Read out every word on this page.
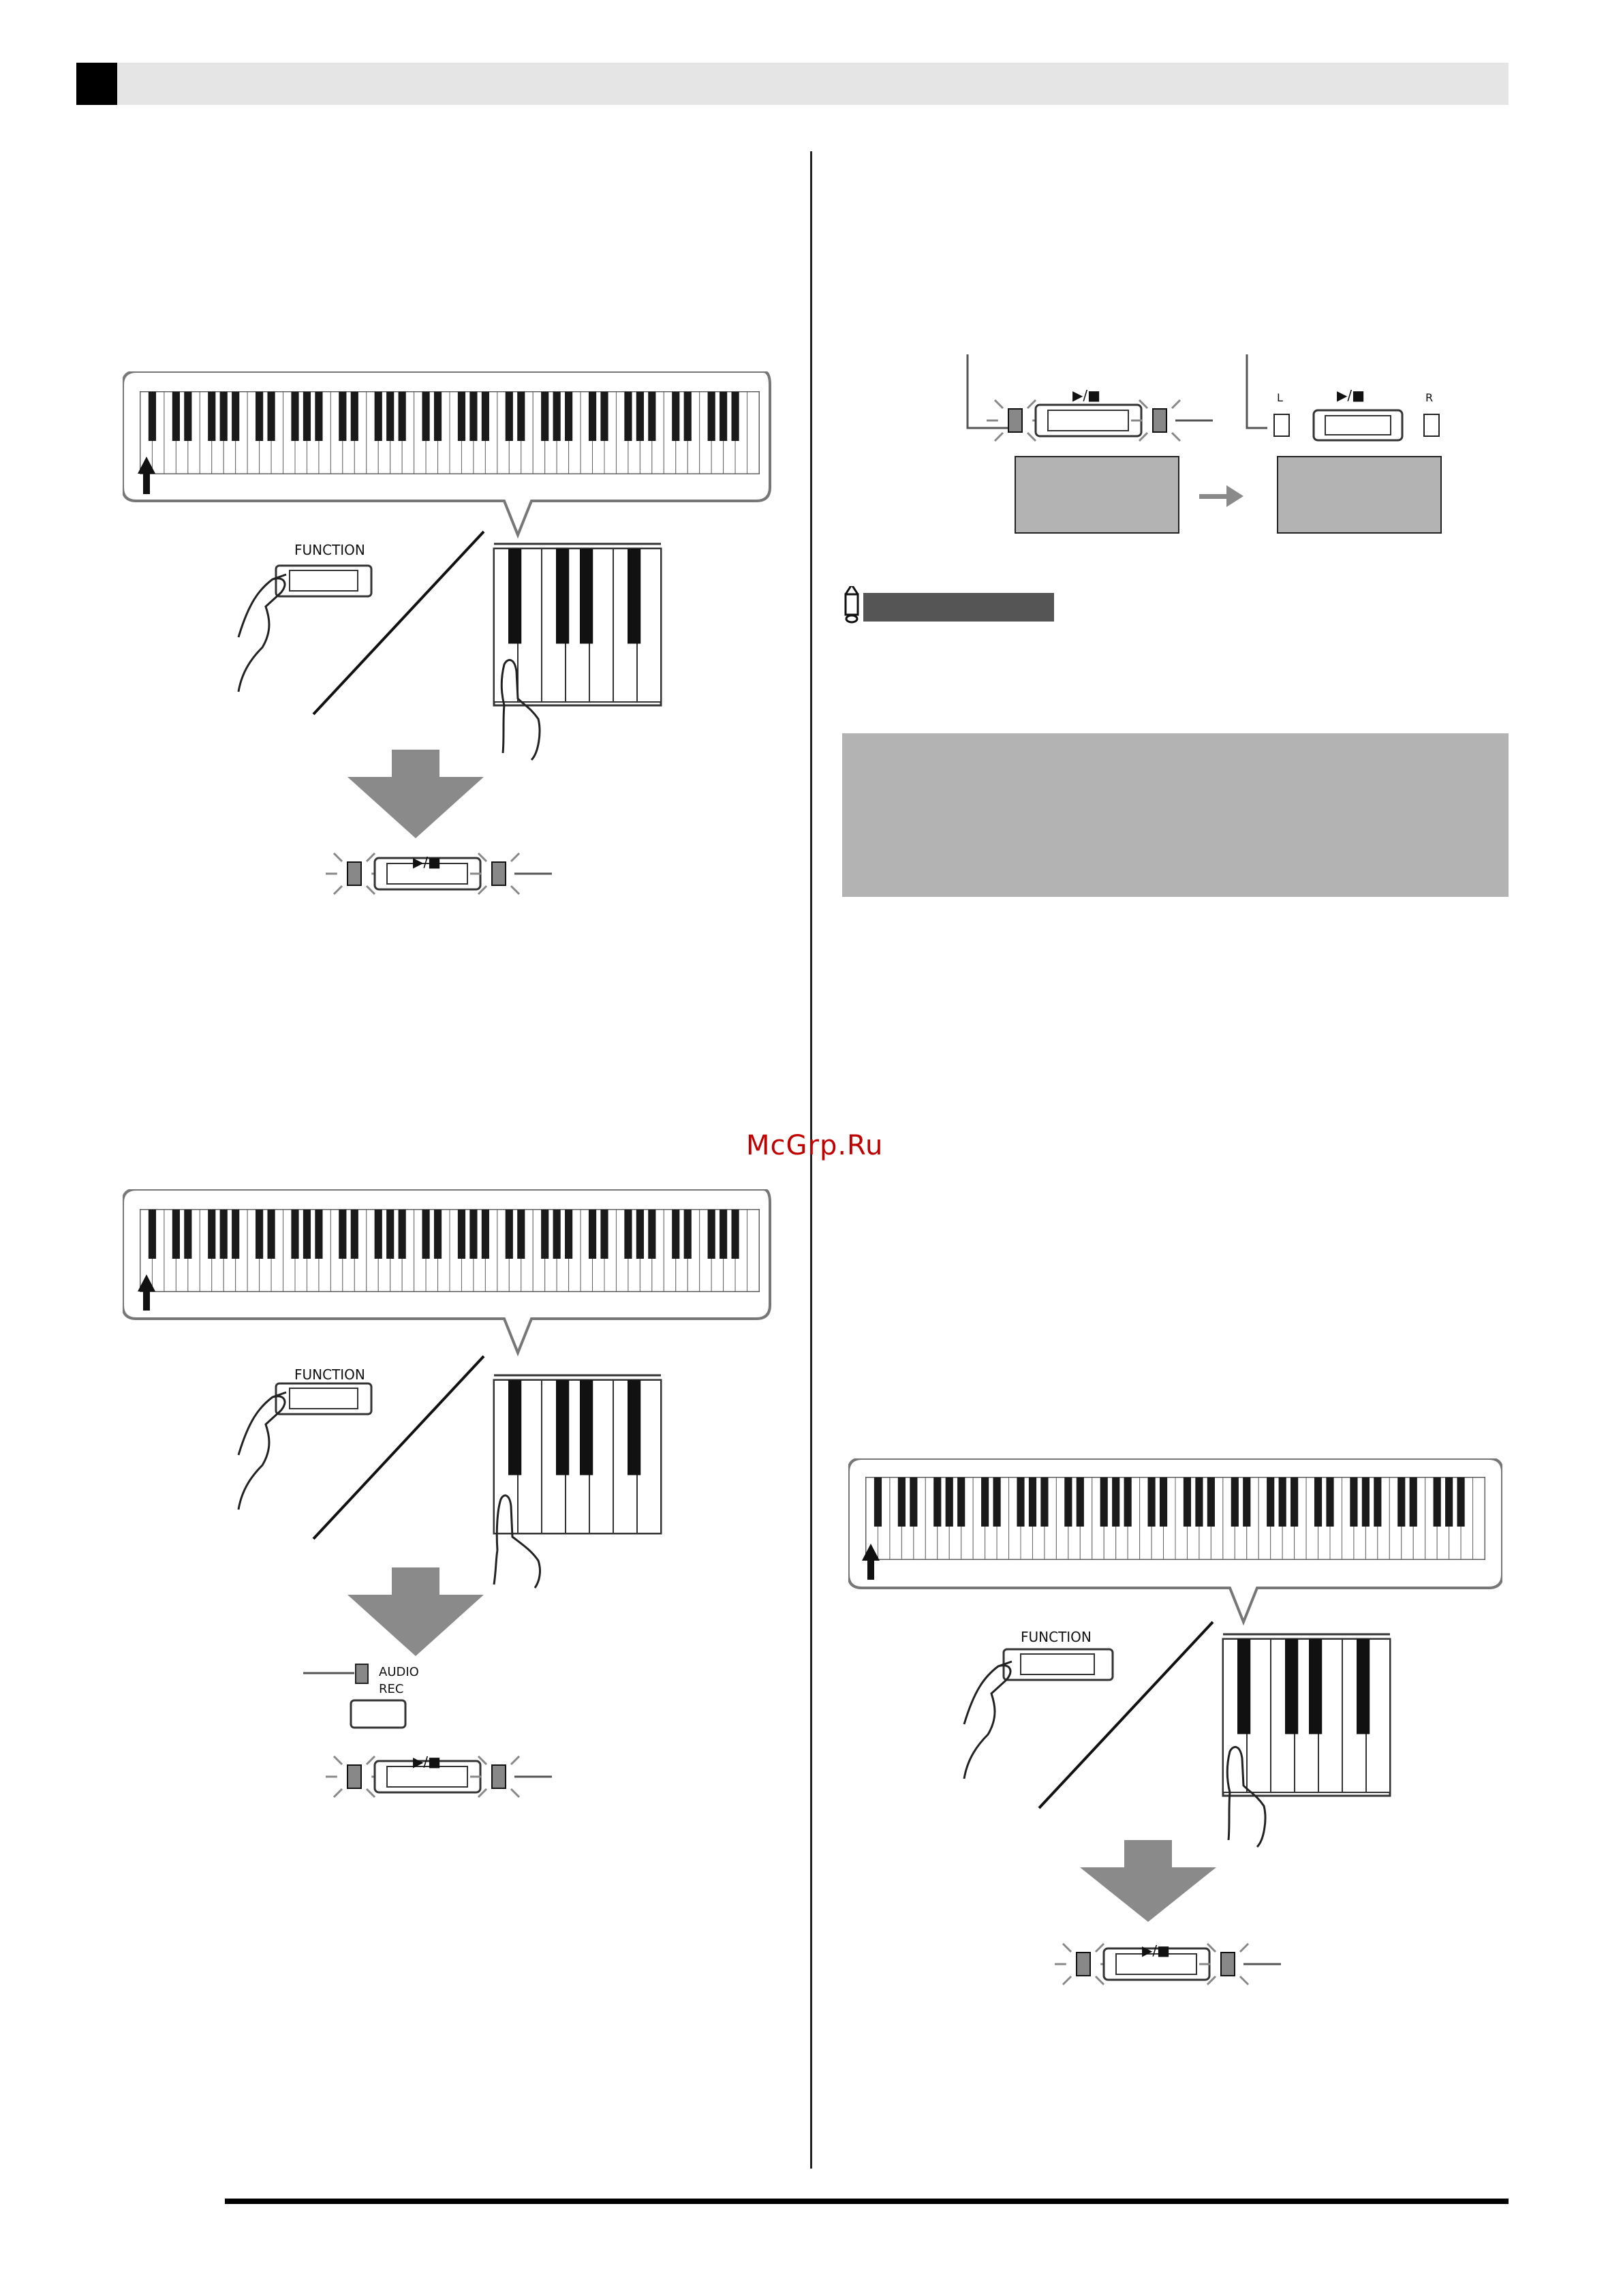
McGrp.Ru
FUNCTION
▶/■
FUNCTION
AUDIO
REC
▶/■
▶/■	▶/■
L	R
FUNCTION
▶/■
